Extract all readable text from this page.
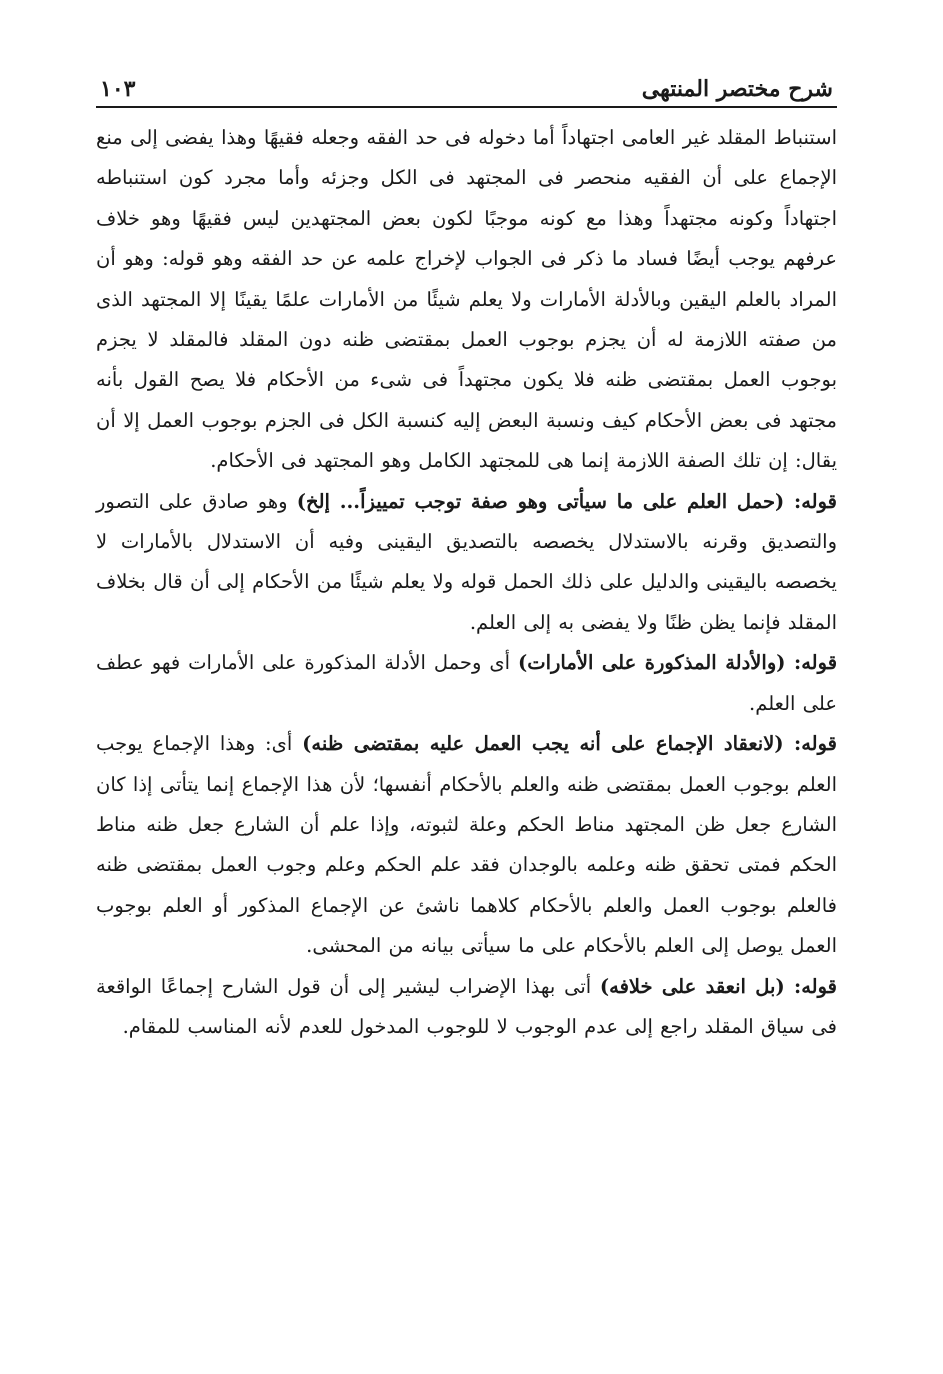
شرح مختصر المنتهى
١٠٣

استنباط المقلد غير العامى اجتهاداً أما دخوله فى حد الفقه وجعله فقيهًا وهذا يفضى إلى منع الإجماع على أن الفقيه منحصر فى المجتهد فى الكل وجزئه وأما مجرد كون استنباطه اجتهاداً وكونه مجتهداً وهذا مع كونه موجبًا لكون بعض المجتهدين ليس فقيهًا وهو خلاف عرفهم يوجب أيضًا فساد ما ذكر فى الجواب لإخراج علمه عن حد الفقه وهو قوله: وهو أن المراد بالعلم اليقين وبالأدلة الأمارات ولا يعلم شيئًا من الأمارات علمًا يقينًا إلا المجتهد الذى من صفته اللازمة له أن يجزم بوجوب العمل بمقتضى ظنه دون المقلد فالمقلد لا يجزم بوجوب العمل بمقتضى ظنه فلا يكون مجتهداً فى شىء من الأحكام فلا يصح القول بأنه مجتهد فى بعض الأحكام كيف ونسبة البعض إليه كنسبة الكل فى الجزم بوجوب العمل إلا أن يقال: إن تلك الصفة اللازمة إنما هى للمجتهد الكامل وهو المجتهد فى الأحكام.

قوله: (حمل العلم على ما سيأتى وهو صفة توجب تمييزاً... إلخ) وهو صادق على التصور والتصديق وقرنه بالاستدلال يخصصه بالتصديق اليقينى وفيه أن الاستدلال بالأمارات لا يخصصه باليقينى والدليل على ذلك الحمل قوله ولا يعلم شيئًا من الأحكام إلى أن قال بخلاف المقلد فإنما يظن ظنًا ولا يفضى به إلى العلم.

قوله: (والأدلة المذكورة على الأمارات) أى وحمل الأدلة المذكورة على الأمارات فهو عطف على العلم.

قوله: (لانعقاد الإجماع على أنه يجب العمل عليه بمقتضى ظنه) أى: وهذا الإجماع يوجب العلم بوجوب العمل بمقتضى ظنه والعلم بالأحكام أنفسها؛ لأن هذا الإجماع إنما يتأتى إذا كان الشارع جعل ظن المجتهد مناط الحكم وعلة لثبوته، وإذا علم أن الشارع جعل ظنه مناط الحكم فمتى تحقق ظنه وعلمه بالوجدان فقد علم الحكم وعلم وجوب العمل بمقتضى ظنه فالعلم بوجوب العمل والعلم بالأحكام كلاهما ناشئ عن الإجماع المذكور أو العلم بوجوب العمل يوصل إلى العلم بالأحكام على ما سيأتى بيانه من المحشى.

قوله: (بل انعقد على خلافه) أتى بهذا الإضراب ليشير إلى أن قول الشارح إجماعًا الواقعة فى سياق المقلد راجع إلى عدم الوجوب لا للوجوب المدخول للعدم لأنه المناسب للمقام.
